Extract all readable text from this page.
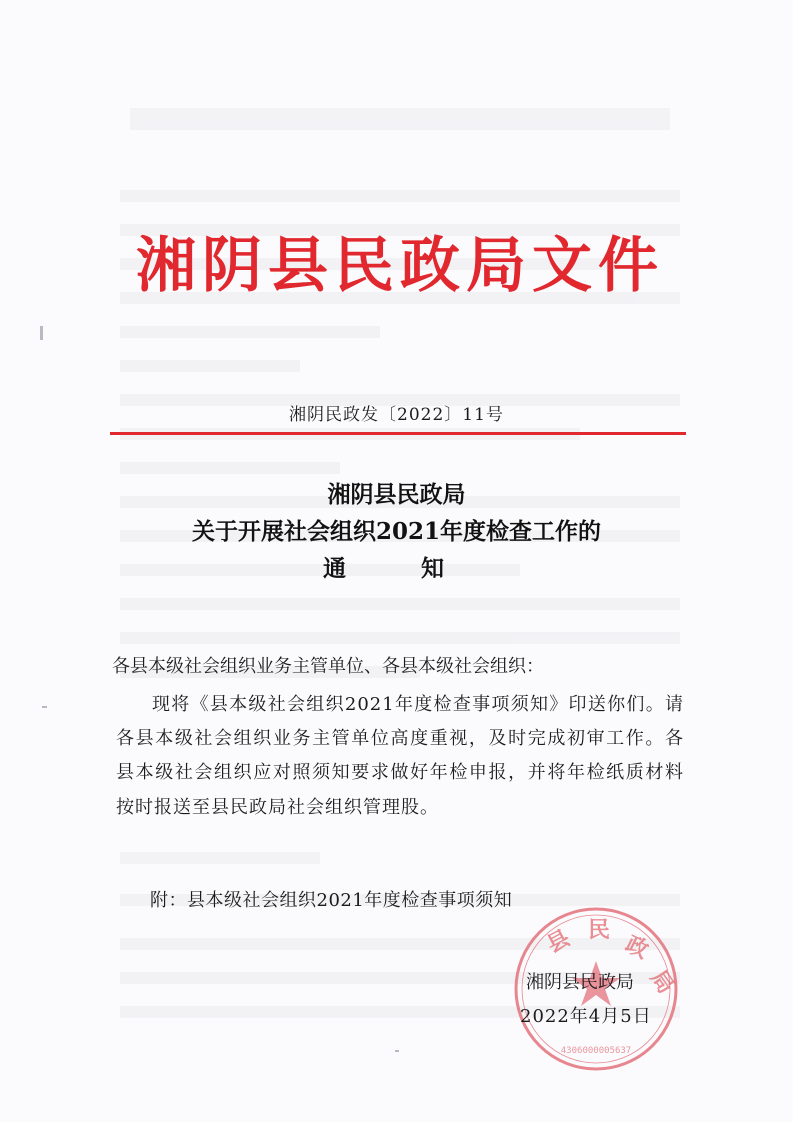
湘阴县民政局文件
湘阴民政发〔2022〕11号
湘阴县民政局
关于开展社会组织2021年度检查工作的
通　知
各县本级社会组织业务主管单位、各县本级社会组织：
现将《县本级社会组织2021年度检查事项须知》印送你们。请各县本级社会组织业务主管单位高度重视，及时完成初审工作。各县本级社会组织应对照须知要求做好年检申报，并将年检纸质材料按时报送至县民政局社会组织管理股。
附：县本级社会组织2021年度检查事项须知
县 民
政
局
4306000005637
湘阴县民政局
2022年4月5日
